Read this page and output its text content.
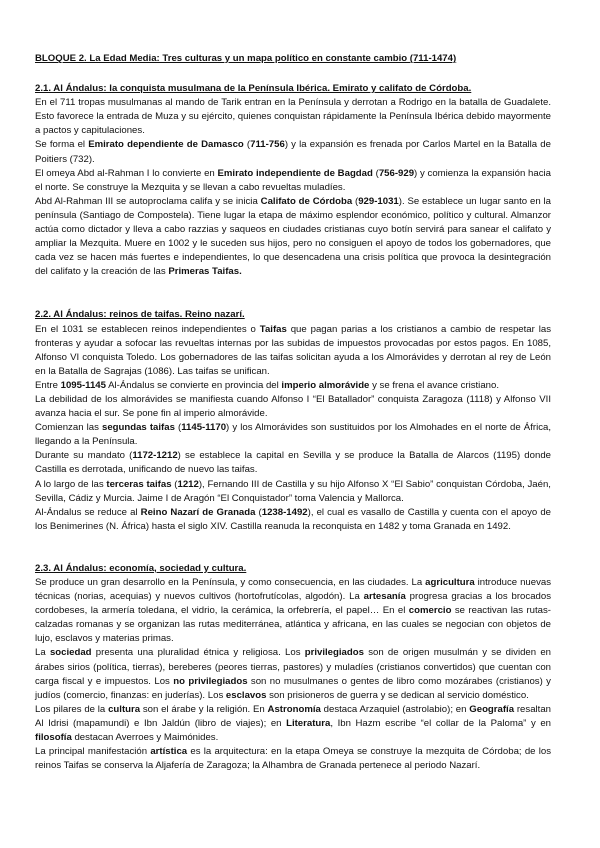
BLOQUE 2. La Edad Media: Tres culturas y un mapa político en constante cambio (711-1474)

2.1. Al Ándalus: la conquista musulmana de la Península Ibérica. Emirato y califato de Córdoba.

En el 711 tropas musulmanas al mando de Tarik entran en la Península y derrotan a Rodrigo en la batalla de Guadalete. Esto favorece la entrada de Muza y su ejército, quienes conquistan rápidamente la Península Ibérica debido mayormente a pactos y capitulaciones.

Se forma el Emirato dependiente de Damasco (711-756) y la expansión es frenada por Carlos Martel en la Batalla de Poitiers (732).

El omeya Abd al-Rahman I lo convierte en Emirato independiente de Bagdad (756-929) y comienza la expansión hacia el norte. Se construye la Mezquita y se llevan a cabo revueltas muladíes.

Abd Al-Rahman III se autoproclama califa y se inicia Califato de Córdoba (929-1031). Se establece un lugar santo en la península (Santiago de Compostela). Tiene lugar la etapa de máximo esplendor económico, político y cultural. Almanzor actúa como dictador y lleva a cabo razzias y saqueos en ciudades cristianas cuyo botín servirá para sanear el califato y ampliar la Mezquita. Muere en 1002 y le suceden sus hijos, pero no consiguen el apoyo de todos los gobernadores, que cada vez se hacen más fuertes e independientes, lo que desencadena una crisis política que provoca la desintegración del califato y la creación de las Primeras Taifas.

2.2. Al Ándalus: reinos de taifas. Reino nazarí.

En el 1031 se establecen reinos independientes o Taifas que pagan parias a los cristianos a cambio de respetar las fronteras y ayudar a sofocar las revueltas internas por las subidas de impuestos provocadas por estos pagos. En 1085, Alfonso VI conquista Toledo. Los gobernadores de las taifas solicitan ayuda a los Almorávides y derrotan al rey de León en la Batalla de Sagrajas (1086). Las taifas se unifican.

Entre 1095-1145 Al-Ándalus se convierte en provincia del imperio almorávide y se frena el avance cristiano.

La debilidad de los almorávides se manifiesta cuando Alfonso I “El Batallador” conquista Zaragoza (1118) y Alfonso VII avanza hacia el sur. Se pone fin al imperio almorávide.

Comienzan las segundas taifas (1145-1170) y los Almorávides son sustituidos por los Almohades en el norte de África, llegando a la Península.

Durante su mandato (1172-1212) se establece la capital en Sevilla y se produce la Batalla de Alarcos (1195) donde Castilla es derrotada, unificando de nuevo las taifas.

A lo largo de las terceras taifas (1212), Fernando III de Castilla y su hijo Alfonso X “El Sabio” conquistan Córdoba, Jaén, Sevilla, Cádiz y Murcia. Jaime I de Aragón “El Conquistador” toma Valencia y Mallorca.

Al-Ándalus se reduce al Reino Nazarí de Granada (1238-1492), el cual es vasallo de Castilla y cuenta con el apoyo de los Benimerines (N. África) hasta el siglo XIV. Castilla reanuda la reconquista en 1482 y toma Granada en 1492.

2.3. Al Ándalus: economía, sociedad y cultura.

Se produce un gran desarrollo en la Península, y como consecuencia, en las ciudades. La agricultura introduce nuevas técnicas (norias, acequias) y nuevos cultivos (hortofrutícolas, algodón). La artesanía progresa gracias a los brocados cordobeses, la armería toledana, el vidrio, la cerámica, la orfebrería, el papel… En el comercio se reactivan las rutas-calzadas romanas y se organizan las rutas mediterránea, atlántica y africana, en las cuales se negocian con objetos de lujo, esclavos y materias primas.

La sociedad presenta una pluralidad étnica y religiosa. Los privilegiados son de origen musulmán y se dividen en árabes sirios (política, tierras), bereberes (peores tierras, pastores) y muladíes (cristianos convertidos) que cuentan con carga fiscal y e impuestos. Los no privilegiados son no musulmanes o gentes de libro como mozárabes (cristianos) y judíos (comercio, finanzas: en juderías). Los esclavos son prisioneros de guerra y se dedican al servicio doméstico.

Los pilares de la cultura son el árabe y la religión. En Astronomía destaca Arzaquiel (astrolabio); en Geografía resaltan Al Idrisi (mapamundi) e Ibn Jaldún (libro de viajes); en Literatura, Ibn Hazm escribe “el collar de la Paloma” y en filosofía destacan Averroes y Maimónides.

La principal manifestación artística es la arquitectura: en la etapa Omeya se construye la mezquita de Córdoba; de los reinos Taifas se conserva la Aljafería de Zaragoza; la Alhambra de Granada pertenece al periodo Nazarí.
